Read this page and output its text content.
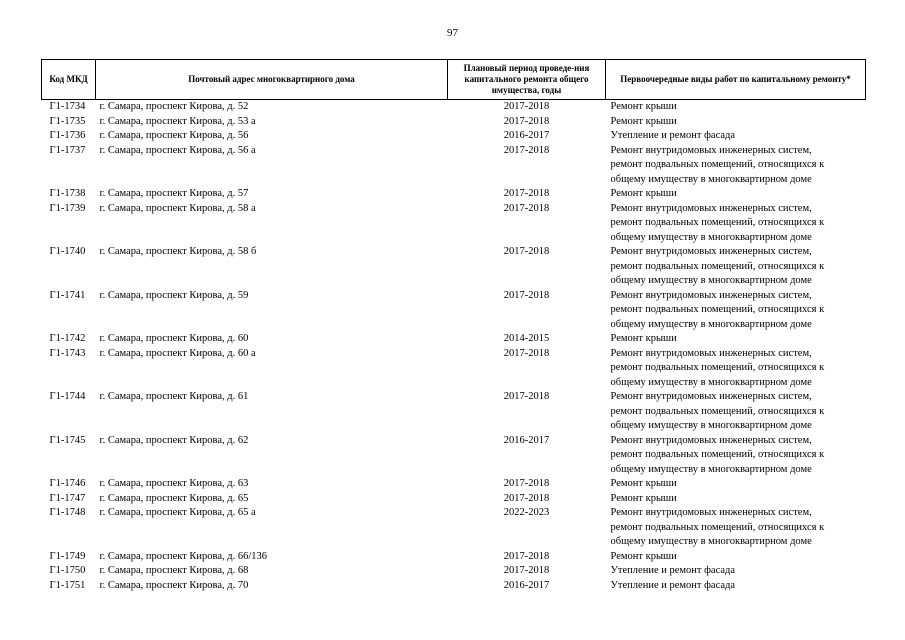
97
Код МКД	Почтовый адрес многоквартирного дома	Плановый период проведе-ния капитального ремонта общего имущества, годы	Первоочередные виды работ по капитальному ремонту*
Г1-1734	г. Самара, проспект Кирова, д. 52	2017-2018	Ремонт крыши

Г1-1735	г. Самара, проспект Кирова, д. 53 а	2017-2018	Ремонт крыши

Г1-1736	г. Самара, проспект Кирова, д. 56	2016-2017	Утепление и ремонт фасада

Г1-1737	г. Самара, проспект Кирова, д. 56 а	2017-2018	Ремонт внутридомовых инженерных систем,
ремонт подвальных помещений, относящихся к
общему имуществу в многоквартирном доме

Г1-1738	г. Самара, проспект Кирова, д. 57	2017-2018	Ремонт крыши

Г1-1739	г. Самара, проспект Кирова, д. 58 а	2017-2018	Ремонт внутридомовых инженерных систем,
ремонт подвальных помещений, относящихся к
общему имуществу в многоквартирном доме

Г1-1740	г. Самара, проспект Кирова, д. 58 б	2017-2018	Ремонт внутридомовых инженерных систем,
ремонт подвальных помещений, относящихся к
общему имуществу в многоквартирном доме

Г1-1741	г. Самара, проспект Кирова, д. 59	2017-2018	Ремонт внутридомовых инженерных систем,
ремонт подвальных помещений, относящихся к
общему имуществу в многоквартирном доме

Г1-1742	г. Самара, проспект Кирова, д. 60	2014-2015	Ремонт крыши

Г1-1743	г. Самара, проспект Кирова, д. 60 а	2017-2018	Ремонт внутридомовых инженерных систем,
ремонт подвальных помещений, относящихся к
общему имуществу в многоквартирном доме

Г1-1744	г. Самара, проспект Кирова, д. 61	2017-2018	Ремонт внутридомовых инженерных систем,
ремонт подвальных помещений, относящихся к
общему имуществу в многоквартирном доме

Г1-1745	г. Самара, проспект Кирова, д. 62	2016-2017	Ремонт внутридомовых инженерных систем,
ремонт подвальных помещений, относящихся к
общему имуществу в многоквартирном доме

Г1-1746	г. Самара, проспект Кирова, д. 63	2017-2018	Ремонт крыши

Г1-1747	г. Самара, проспект Кирова, д. 65	2017-2018	Ремонт крыши

Г1-1748	г. Самара, проспект Кирова, д. 65 а	2022-2023	Ремонт внутридомовых инженерных систем,
ремонт подвальных помещений, относящихся к
общему имуществу в многоквартирном доме

Г1-1749	г. Самара, проспект Кирова, д. 66/136	2017-2018	Ремонт крыши

Г1-1750	г. Самара, проспект Кирова, д. 68	2017-2018	Утепление и ремонт фасада

Г1-1751	г. Самара, проспект Кирова, д. 70	2016-2017	Утепление и ремонт фасада
